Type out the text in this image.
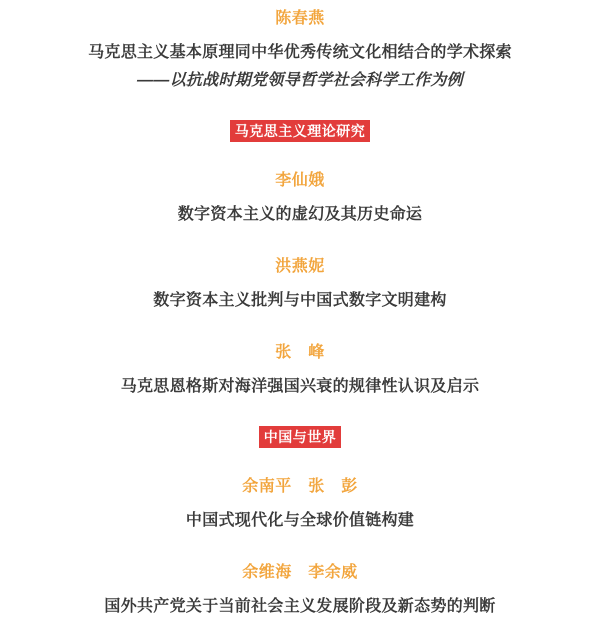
陈春燕
马克思主义基本原理同中华优秀传统文化相结合的学术探索
——以抗战时期党领导哲学社会科学工作为例
马克思主义理论研究
李仙娥
数字资本主义的虚幻及其历史命运
洪燕妮
数字资本主义批判与中国式数字文明建构
张　峰
马克思恩格斯对海洋强国兴衰的规律性认识及启示
中国与世界
余南平　张　彭
中国式现代化与全球价值链构建
余维海　李余威
国外共产党关于当前社会主义发展阶段及新态势的判断
